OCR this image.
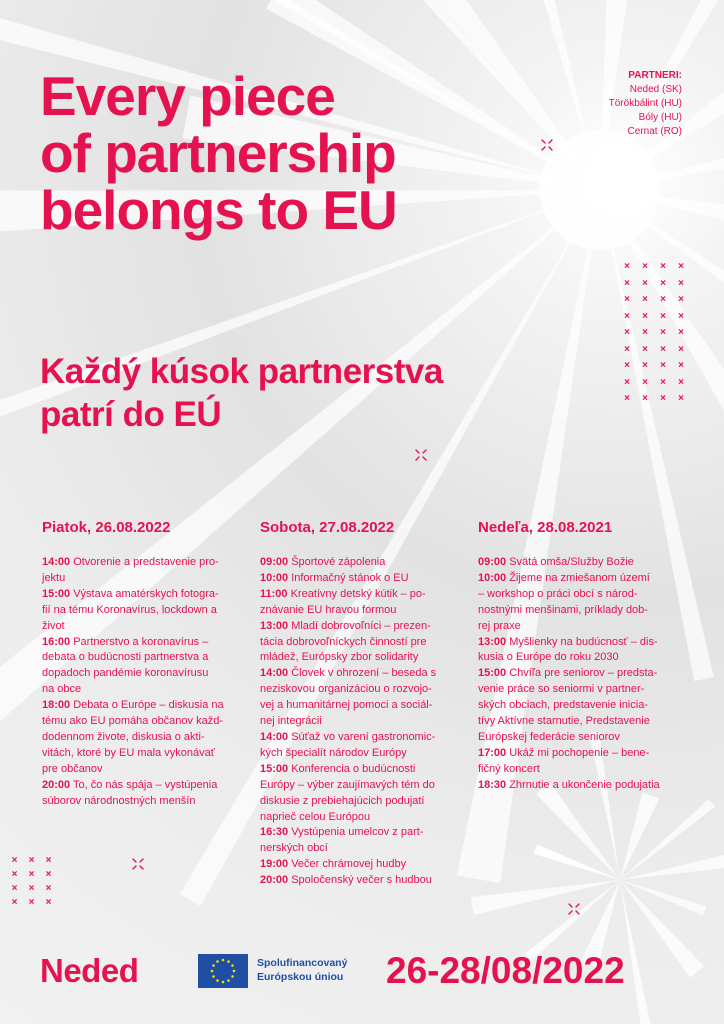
Every piece
of partnership
belongs to EU
Každý kúsok partnerstva
patrí do EÚ
PARTNERI:
Neded (SK)
Törökbálint (HU)
Bóly (HU)
Cernat (RO)
Piatok, 26.08.2022

14:00 Otvorenie a predstavenie pro-
jektu

15:00 Výstava amatérskych fotogra-
fií na tému Koronavírus, lockdown a
život

16:00 Partnerstvo a koronavírus –
debata o budúcnosti partnerstva a
dopadoch pandémie koronavírusu
na obce

18:00 Debata o Európe – diskusia na
tému ako EU pomáha občanov každ-
dodennom živote, diskusia o akti-
vitách, ktoré by EU mala vykonávať
pre občanov

20:00 To, čo nás spája – vystúpenia
súborov národnostných menšín

Sobota, 27.08.2022

09:00 Športové zápolenia

10:00 Informačný stánok o EU

11:00 Kreatívny detský kútik – po-
znávanie EU hravou formou

13:00 Mladí dobrovoľníci – prezen-
tácia dobrovoľníckych činností pre
mládež, Európsky zbor solidarity

14:00 Človek v ohrození – beseda s
neziskovou organizáciou o rozvojo-
vej a humanitárnej pomoci a sociál-
nej integrácii

14:00 Súťaž vo varení gastronomic-
kých špecialít národov Európy

15:00 Konferencia o budúcnosti
Európy – výber zaujímavých tém do
diskusie z prebiehajúcich podujatí
naprieč celou Európou

16:30 Vystúpenia umelcov z part-
nerských obcí

19:00 Večer chrámovej hudby

20:00 Spoločenský večer s hudbou

Nedeľa, 28.08.2021

09:00 Svätá omša/Služby Božie

10:00 Žijeme na zmiešanom území
– workshop o práci obcí s národ-
nostnými menšinami, príklady dob-
rej praxe

13:00 Myšlienky na budúcnosť – dis-
kusia o Európe do roku 2030

15:00 Chvíľa pre seniorov – predsta-
venie práce so seniormi v partner-
ských obciach, predstavenie inicia-
tívy Aktívne starnutie, Predstavenie
Európskej federácie seniorov

17:00 Ukáž mi pochopenie – bene-
fičný koncert

18:30 Zhrnutie a ukončenie podujatia

×	×	×	×
×	×	×	×
×	×	×	×
×	×	×	×
×	×	×	×
×	×	×	×
×	×	×	×
×	×	×	×
×	×	×	×
×	×	×
×	×	×
×	×	×
×	×	×
Neded	Spolufinancovaný
Európskou úniou 26-28/08/2022
